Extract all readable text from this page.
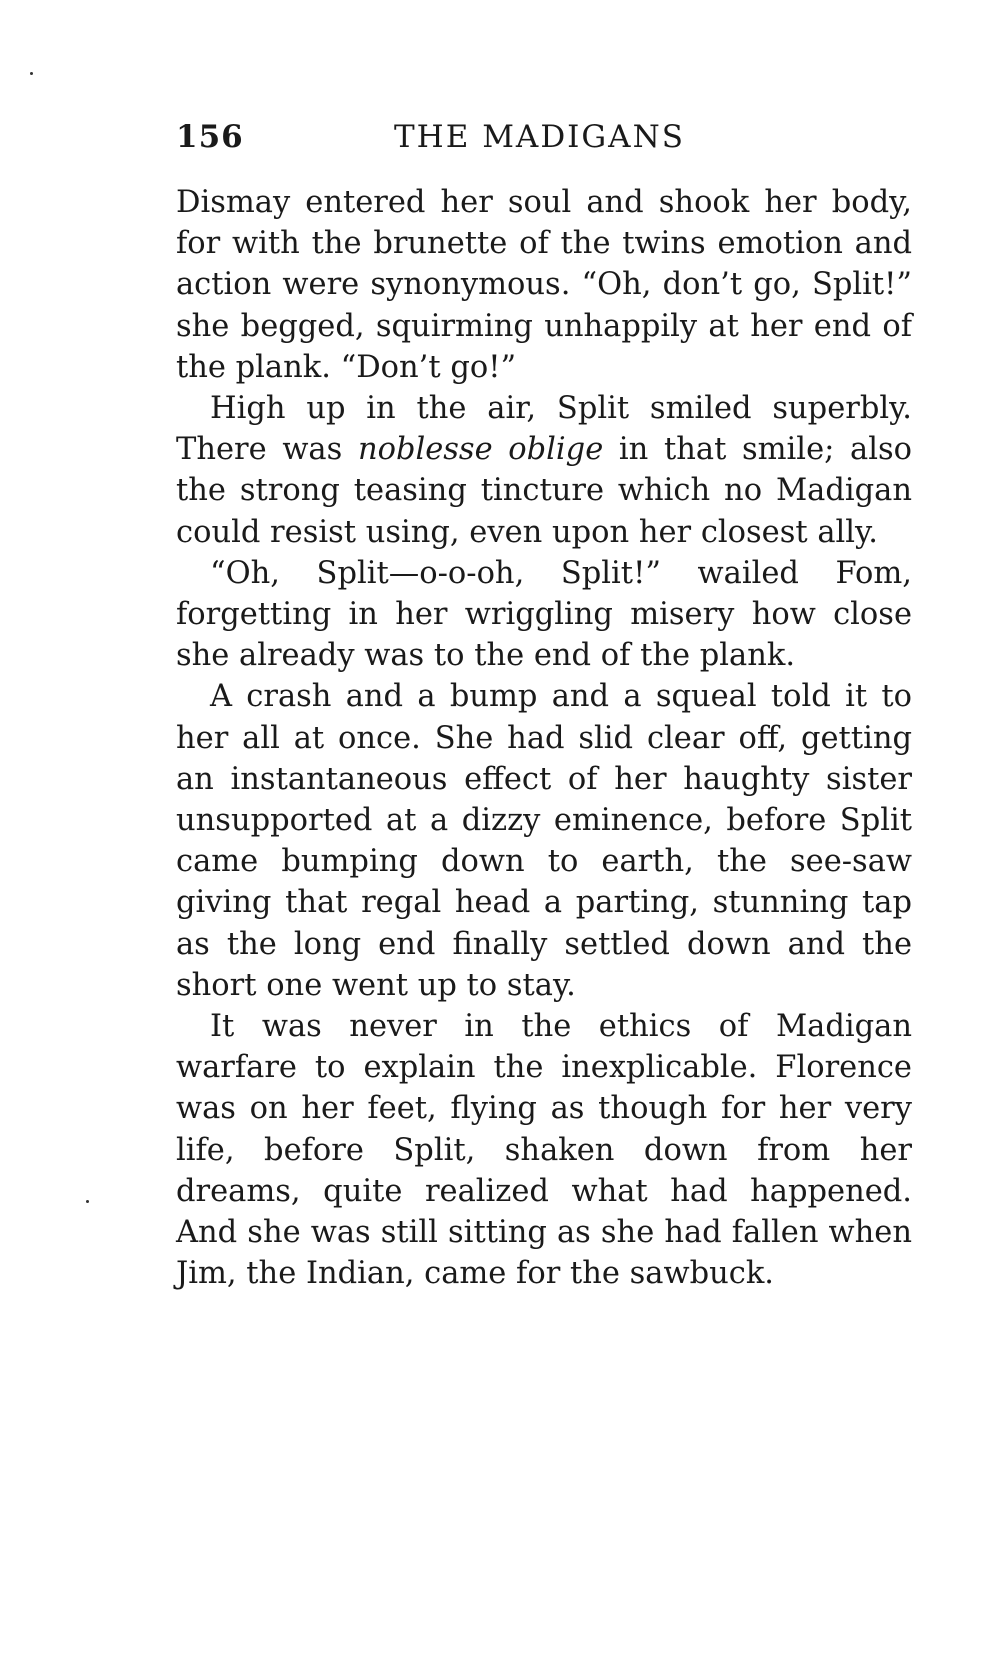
156	THE MADIGANS

Dismay entered her soul and shook her body, for with the brunette of the twins emotion and action were synonymous. “Oh, don’t go, Split!” she begged, squirming unhappily at her end of the plank. “Don’t go!”

High up in the air, Split smiled superbly. There was noblesse oblige in that smile; also the strong teasing tincture which no Madigan could resist using, even upon her closest ally.

“Oh, Split—o-o-oh, Split!” wailed Fom, forgetting in her wriggling misery how close she already was to the end of the plank.

A crash and a bump and a squeal told it to her all at once. She had slid clear off, getting an instantaneous effect of her haughty sister unsupported at a dizzy eminence, before Split came bumping down to earth, the see-saw giving that regal head a parting, stunning tap as the long end finally settled down and the short one went up to stay.

It was never in the ethics of Madigan warfare to explain the inexplicable. Florence was on her feet, flying as though for her very life, before Split, shaken down from her dreams, quite realized what had happened. And she was still sitting as she had fallen when Jim, the Indian, came for the sawbuck.
